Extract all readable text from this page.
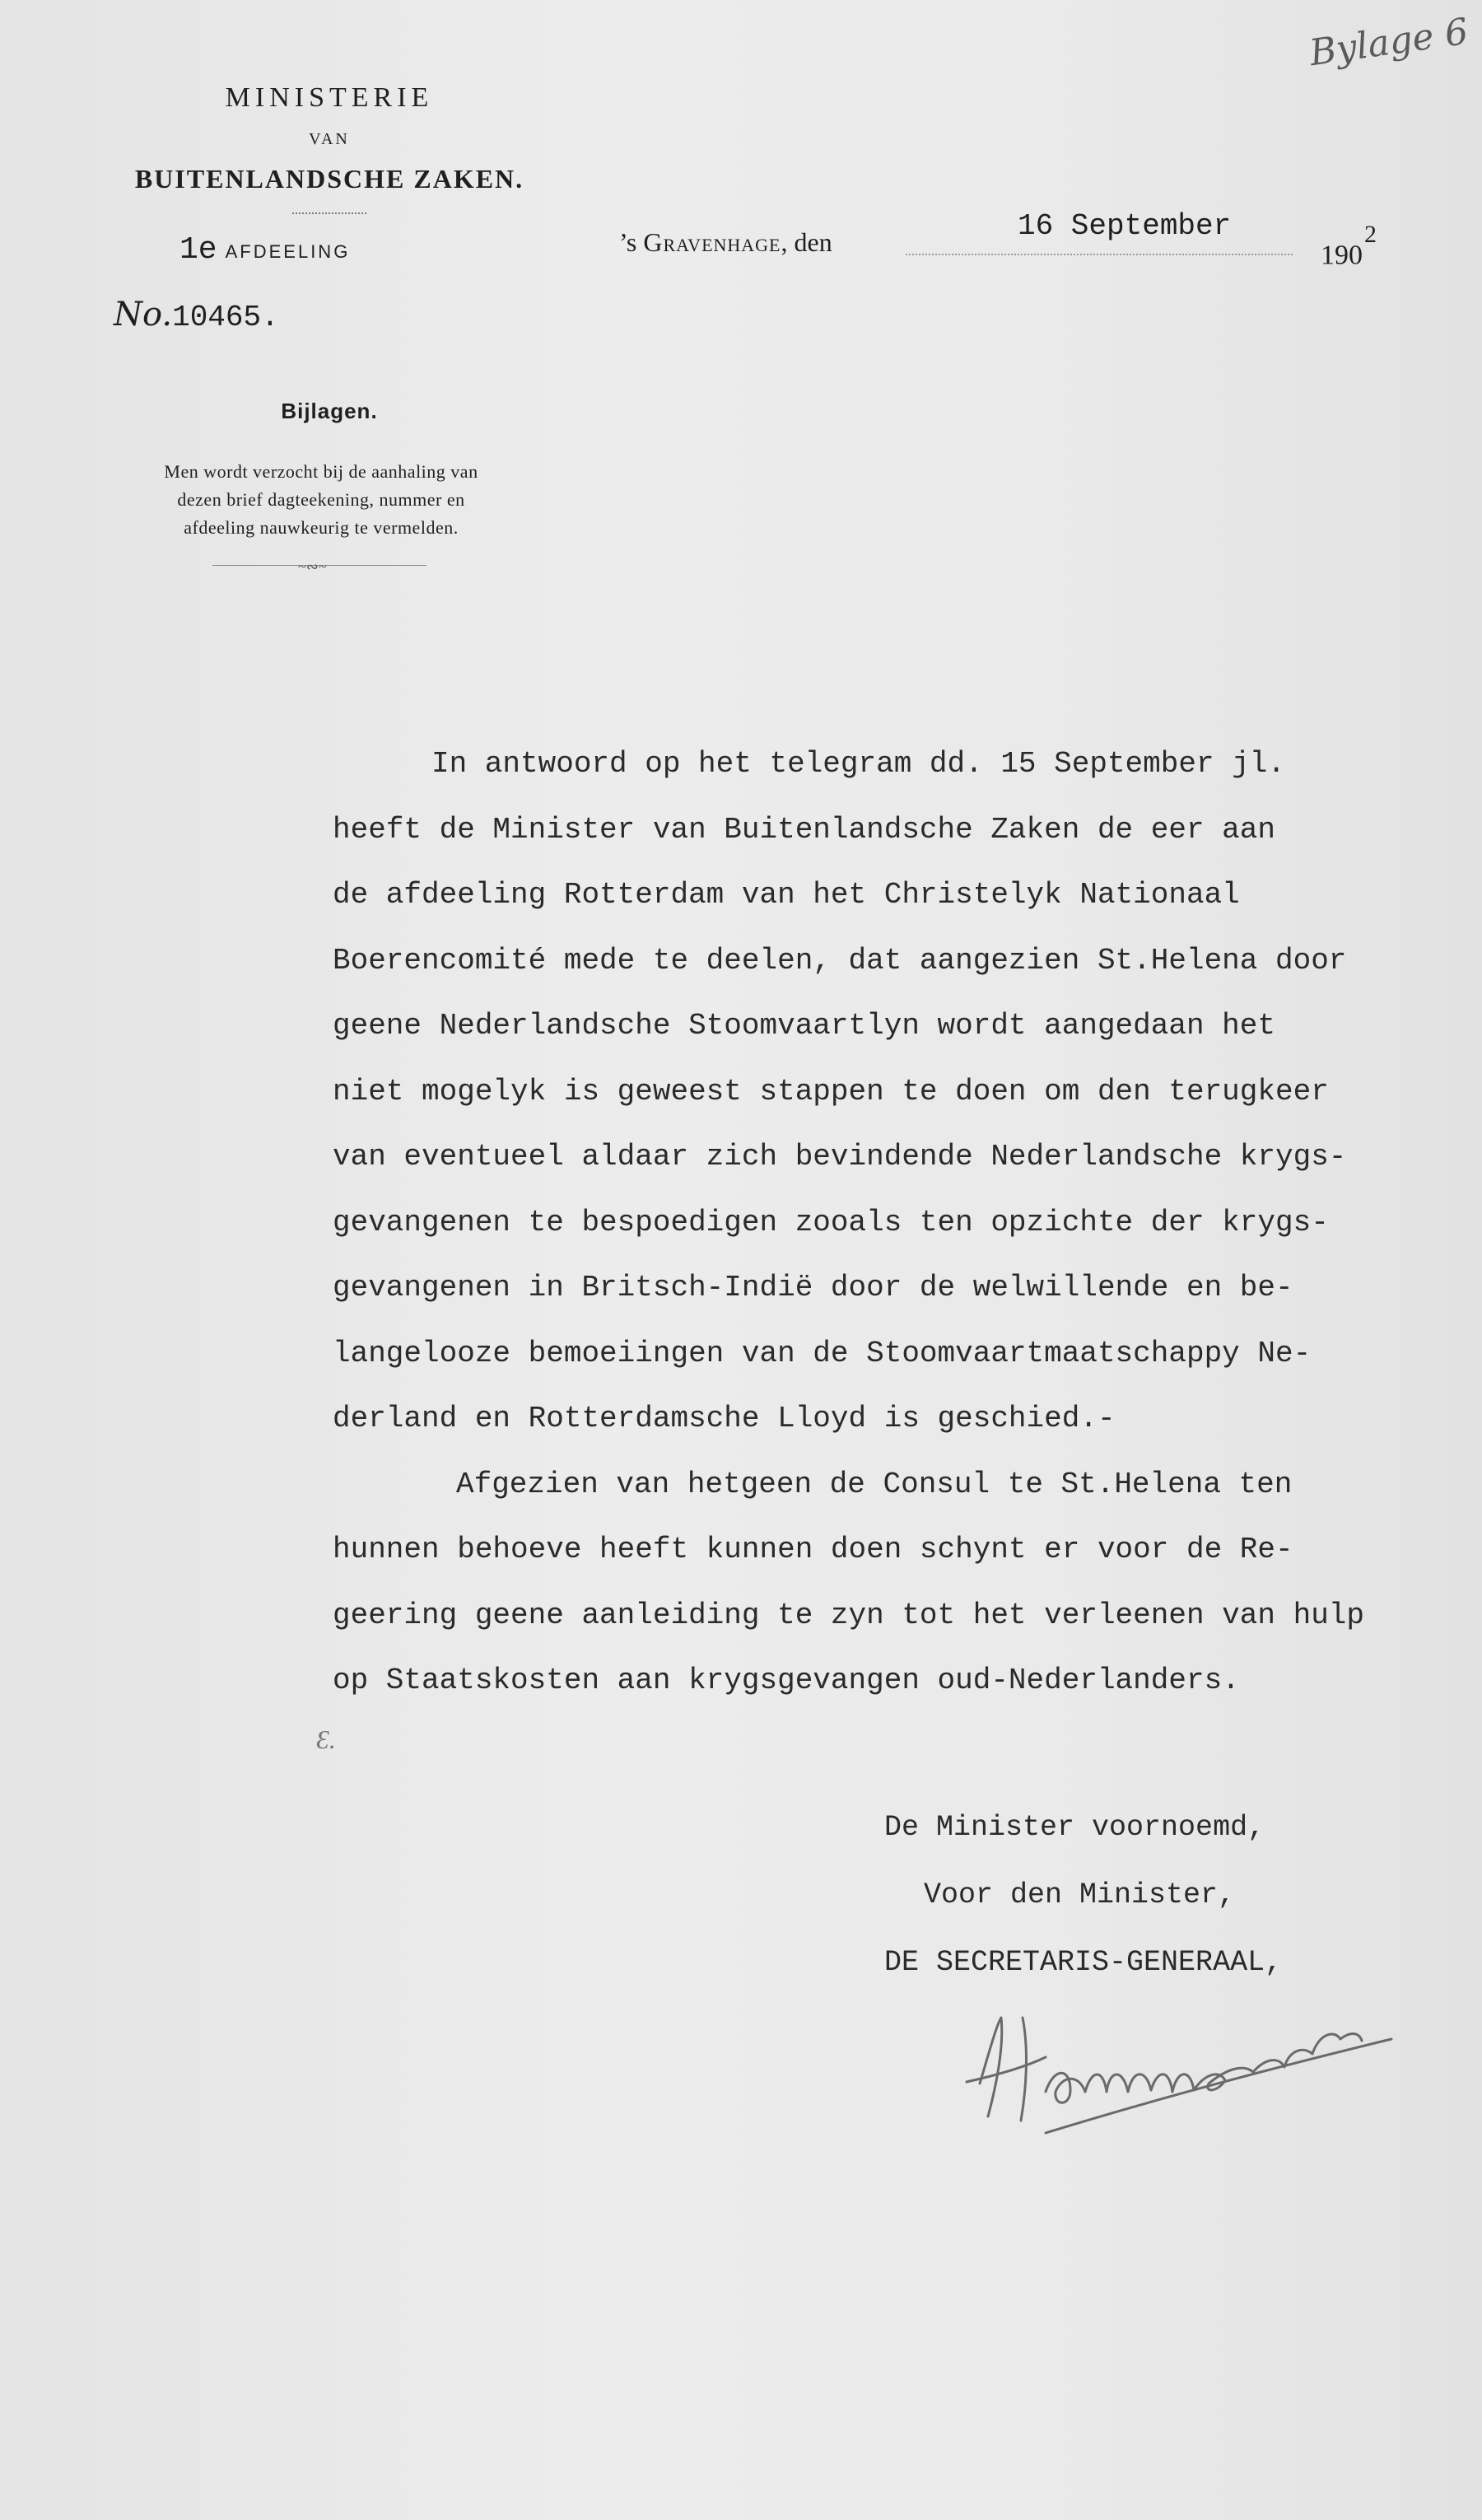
Bylage 6
MINISTERIE
VAN
BUITENLANDSCHE ZAKEN.
1e AFDEELING
No.10465.
’s Gravenhage, den	16 September
$190^2$
Bijlagen.
Men wordt verzocht bij de aanhaling van
dezen brief dagteekening, nummer en
afdeeling nauwkeurig te vermelden.
~∾~
In antwoord op het telegram dd. 15 September jl.
heeft de Minister van Buitenlandsche Zaken de eer aan
de afdeeling Rotterdam van het Christelyk Nationaal
Boerencomité mede te deelen, dat aangezien St.Helena door
geene Nederlandsche Stoomvaartlyn wordt aangedaan het
niet mogelyk is geweest stappen te doen om den terugkeer
van eventueel aldaar zich bevindende Nederlandsche krygs-
gevangenen te bespoedigen zooals ten opzichte der krygs-
gevangenen in Britsch-Indië door de welwillende en be-
langelooze bemoeiingen van de Stoomvaartmaatschappy Ne-
derland en Rotterdamsche Lloyd is geschied.-
Afgezien van hetgeen de Consul te St.Helena ten
hunnen behoeve heeft kunnen doen schynt er voor de Re-
geering geene aanleiding te zyn tot het verleenen van hulp
op Staatskosten aan krygsgevangen oud-Nederlanders.
Ɛ.
De Minister voornoemd,
Voor den Minister,
DE SECRETARIS-GENERAAL,
